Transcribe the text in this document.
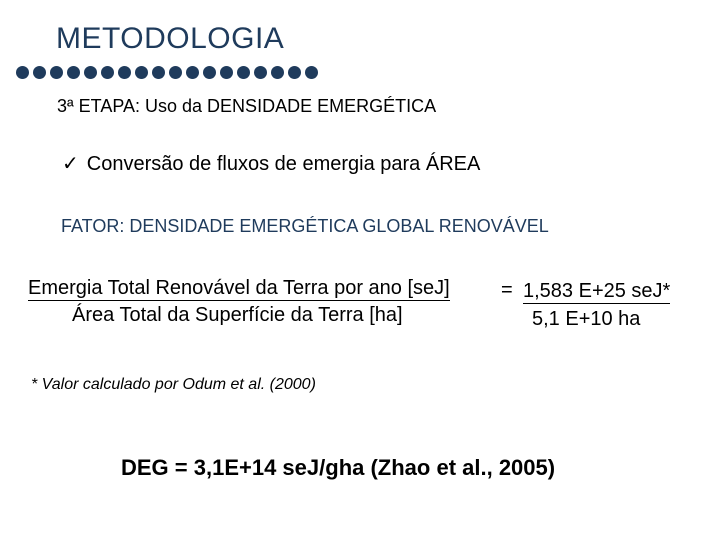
METODOLOGIA
3ª ETAPA: Uso da DENSIDADE EMERGÉTICA
✓ Conversão de fluxos de emergia para ÁREA
FATOR: DENSIDADE EMERGÉTICA GLOBAL RENOVÁVEL
Emergia Total Renovável da Terra por ano [seJ]
Área Total da Superfície da Terra [ha]
= 1,583 E+25 seJ*
5,1 E+10 ha
* Valor calculado por Odum et al. (2000)
DEG = 3,1E+14 seJ/gha (Zhao et al., 2005)
